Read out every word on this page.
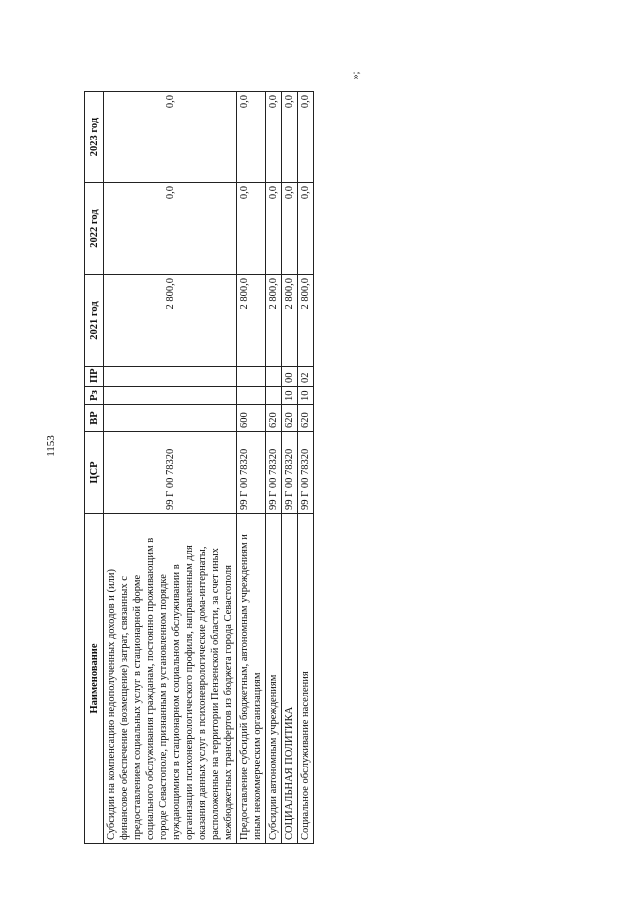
1153
»;
Наименование	ЦСР	ВР	Рз	ПР	2021 год	2022 год	2023 год
Субсидии на компенсацию недополученных доходов и (или) финансовое обеспечение (возмещение) затрат, связанных с предоставлением социальных услуг в стационарной форме социального обслуживания гражданам, постоянно проживающим в городе Севастополе, признанным в установленном порядке нуждающимися в стационарном социальном обслуживании в организации психоневрологического профиля, направленным для оказания данных услуг в психоневрологические дома-интернаты, расположенные на территории Пензенской области, за счет иных межбюджетных трансфертов из бюджета города Севастополя	99 Г 00 78320				2 800,0	0,0	0,0
Предоставление субсидий бюджетным, автономным учреждениям и иным некоммерческим организациям	99 Г 00 78320	600			2 800,0	0,0	0,0
Субсидии автономным учреждениям	99 Г 00 78320	620			2 800,0	0,0	0,0
СОЦИАЛЬНАЯ ПОЛИТИКА	99 Г 00 78320	620	10	00	2 800,0	0,0	0,0
Социальное обслуживание населения	99 Г 00 78320	620	10	02	2 800,0	0,0	0,0
